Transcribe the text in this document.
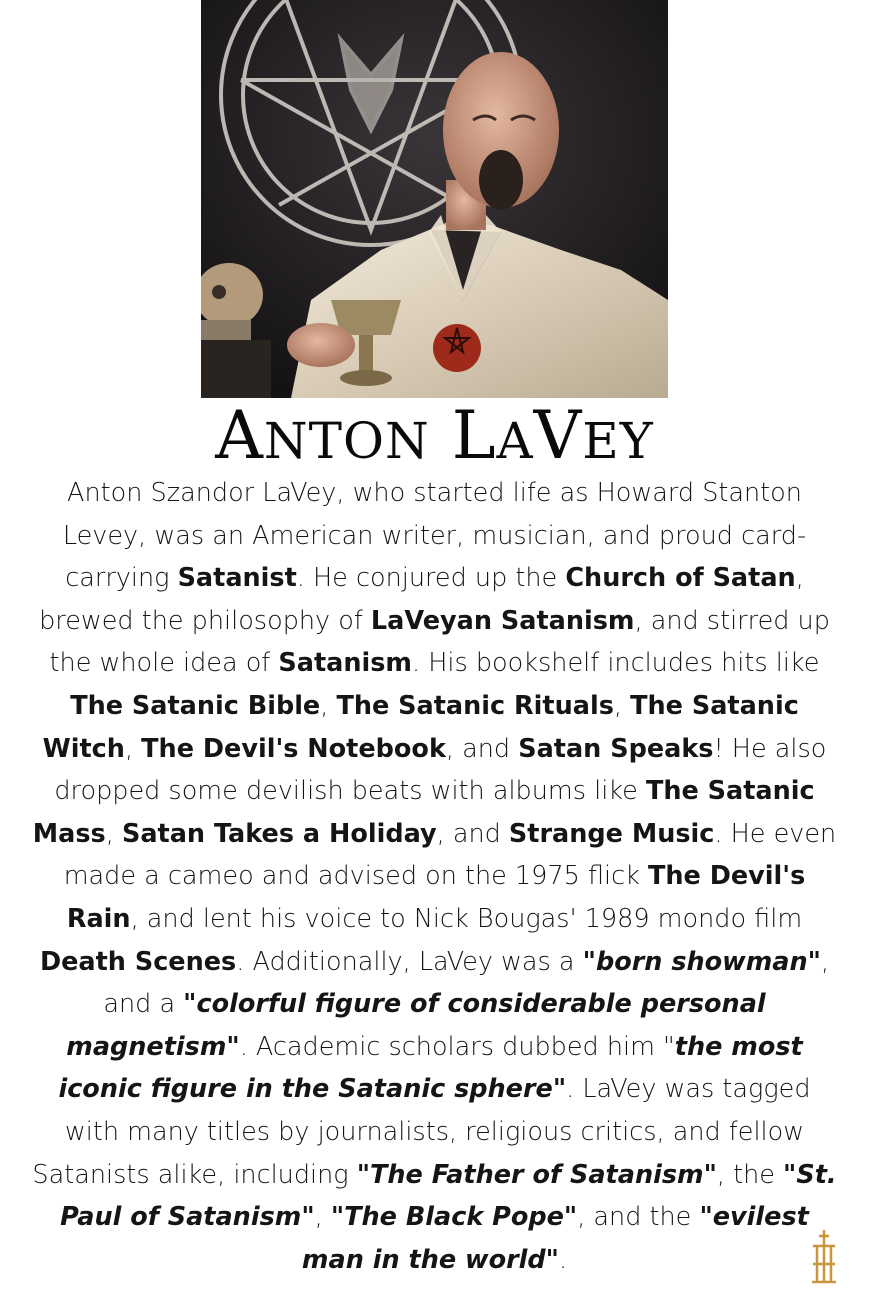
ANTON LAVEY

Anton Szandor LaVey, who started life as Howard Stanton Levey, was an American writer, musician, and proud card-carrying Satanist. He conjured up the Church of Satan, brewed the philosophy of LaVeyan Satanism, and stirred up the whole idea of Satanism. His bookshelf includes hits like The Satanic Bible, The Satanic Rituals, The Satanic Witch, The Devil's Notebook, and Satan Speaks! He also dropped some devilish beats with albums like The Satanic Mass, Satan Takes a Holiday, and Strange Music. He even made a cameo and advised on the 1975 flick The Devil's Rain, and lent his voice to Nick Bougas' 1989 mondo film Death Scenes. Additionally, LaVey was a "born showman", and a "colorful figure of considerable personal magnetism". Academic scholars dubbed him "the most iconic figure in the Satanic sphere". LaVey was tagged with many titles by journalists, religious critics, and fellow Satanists alike, including "The Father of Satanism", the "St. Paul of Satanism", "The Black Pope", and the "evilest man in the world".
